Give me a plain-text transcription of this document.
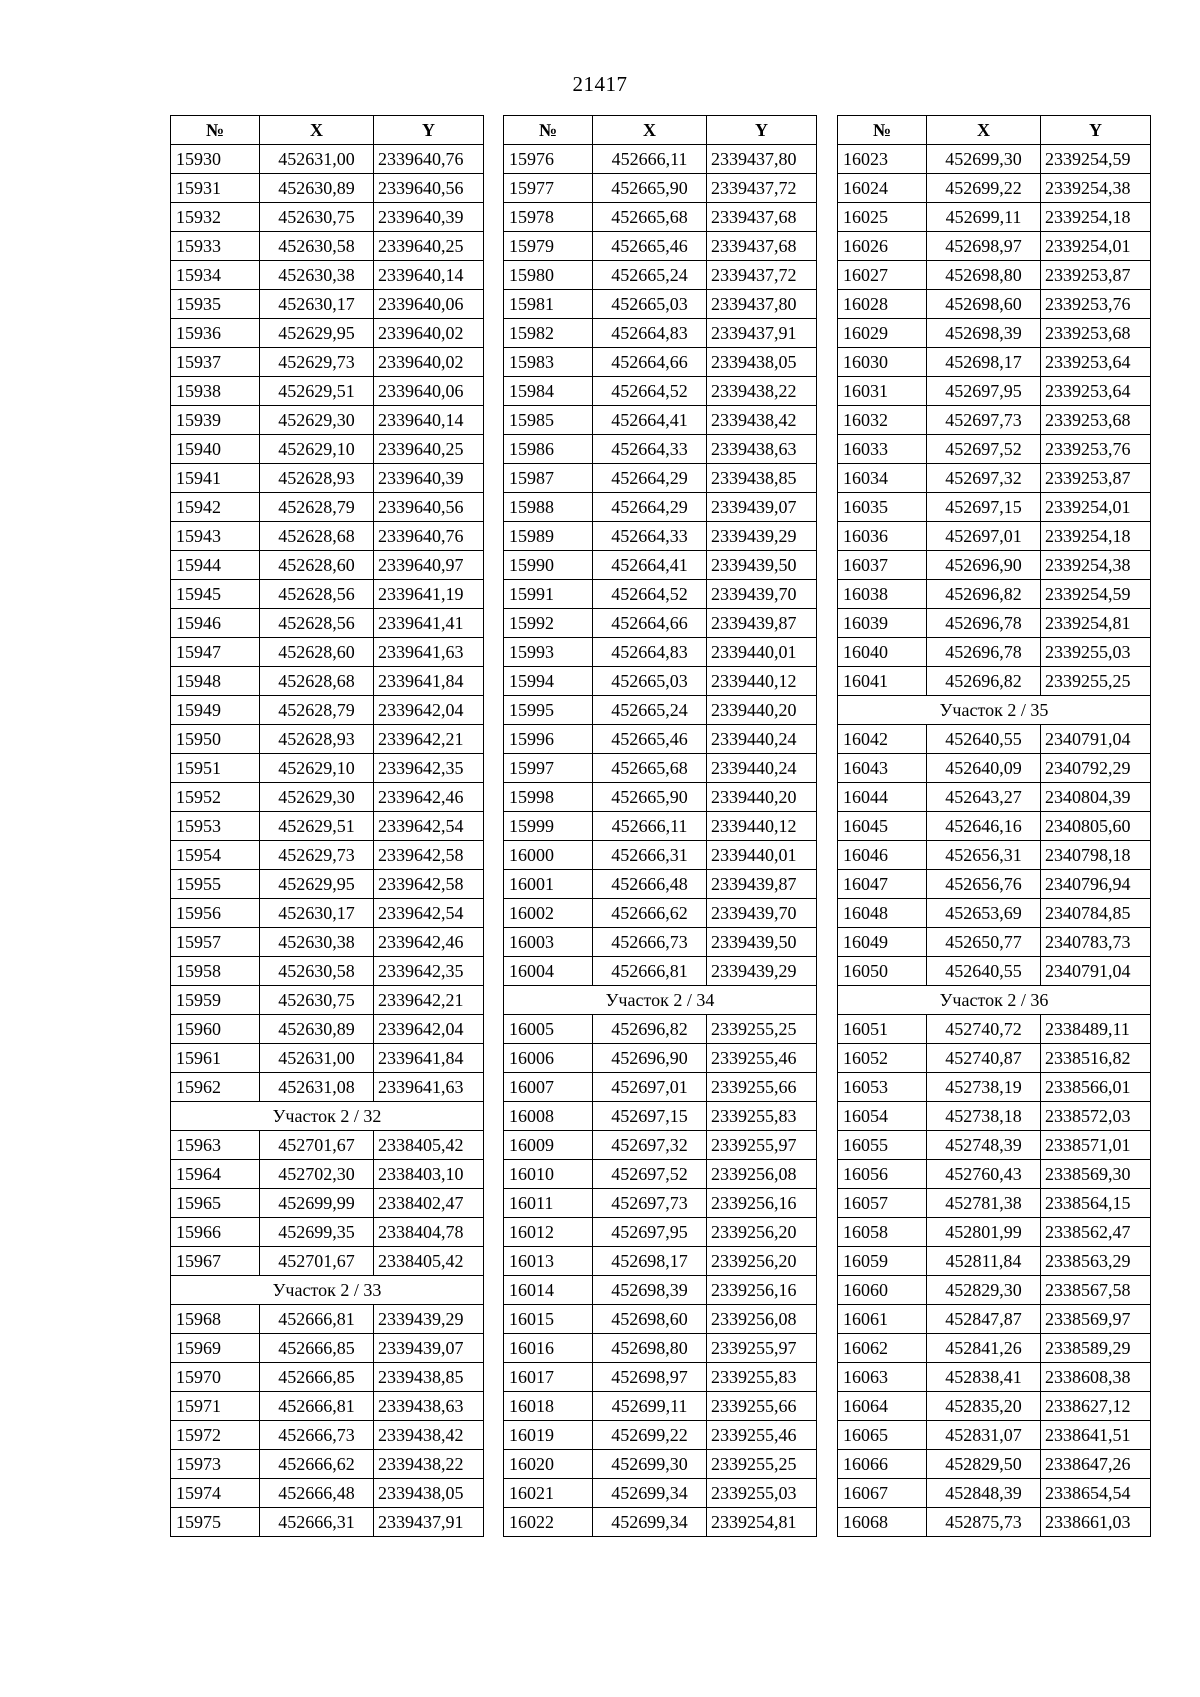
21417
№	X	Y
15930	452631,00	2339640,76
15931	452630,89	2339640,56
15932	452630,75	2339640,39
15933	452630,58	2339640,25
15934	452630,38	2339640,14
15935	452630,17	2339640,06
15936	452629,95	2339640,02
15937	452629,73	2339640,02
15938	452629,51	2339640,06
15939	452629,30	2339640,14
15940	452629,10	2339640,25
15941	452628,93	2339640,39
15942	452628,79	2339640,56
15943	452628,68	2339640,76
15944	452628,60	2339640,97
15945	452628,56	2339641,19
15946	452628,56	2339641,41
15947	452628,60	2339641,63
15948	452628,68	2339641,84
15949	452628,79	2339642,04
15950	452628,93	2339642,21
15951	452629,10	2339642,35
15952	452629,30	2339642,46
15953	452629,51	2339642,54
15954	452629,73	2339642,58
15955	452629,95	2339642,58
15956	452630,17	2339642,54
15957	452630,38	2339642,46
15958	452630,58	2339642,35
15959	452630,75	2339642,21
15960	452630,89	2339642,04
15961	452631,00	2339641,84
15962	452631,08	2339641,63
Участок 2 / 32		
15963	452701,67	2338405,42
15964	452702,30	2338403,10
15965	452699,99	2338402,47
15966	452699,35	2338404,78
15967	452701,67	2338405,42
Участок 2 / 33		
15968	452666,81	2339439,29
15969	452666,85	2339439,07
15970	452666,85	2339438,85
15971	452666,81	2339438,63
15972	452666,73	2339438,42
15973	452666,62	2339438,22
15974	452666,48	2339438,05
15975	452666,31	2339437,91
№	X	Y
15976	452666,11	2339437,80
15977	452665,90	2339437,72
15978	452665,68	2339437,68
15979	452665,46	2339437,68
15980	452665,24	2339437,72
15981	452665,03	2339437,80
15982	452664,83	2339437,91
15983	452664,66	2339438,05
15984	452664,52	2339438,22
15985	452664,41	2339438,42
15986	452664,33	2339438,63
15987	452664,29	2339438,85
15988	452664,29	2339439,07
15989	452664,33	2339439,29
15990	452664,41	2339439,50
15991	452664,52	2339439,70
15992	452664,66	2339439,87
15993	452664,83	2339440,01
15994	452665,03	2339440,12
15995	452665,24	2339440,20
15996	452665,46	2339440,24
15997	452665,68	2339440,24
15998	452665,90	2339440,20
15999	452666,11	2339440,12
16000	452666,31	2339440,01
16001	452666,48	2339439,87
16002	452666,62	2339439,70
16003	452666,73	2339439,50
16004	452666,81	2339439,29
Участок 2 / 34		
16005	452696,82	2339255,25
16006	452696,90	2339255,46
16007	452697,01	2339255,66
16008	452697,15	2339255,83
16009	452697,32	2339255,97
16010	452697,52	2339256,08
16011	452697,73	2339256,16
16012	452697,95	2339256,20
16013	452698,17	2339256,20
16014	452698,39	2339256,16
16015	452698,60	2339256,08
16016	452698,80	2339255,97
16017	452698,97	2339255,83
16018	452699,11	2339255,66
16019	452699,22	2339255,46
16020	452699,30	2339255,25
16021	452699,34	2339255,03
16022	452699,34	2339254,81
№	X	Y
16023	452699,30	2339254,59
16024	452699,22	2339254,38
16025	452699,11	2339254,18
16026	452698,97	2339254,01
16027	452698,80	2339253,87
16028	452698,60	2339253,76
16029	452698,39	2339253,68
16030	452698,17	2339253,64
16031	452697,95	2339253,64
16032	452697,73	2339253,68
16033	452697,52	2339253,76
16034	452697,32	2339253,87
16035	452697,15	2339254,01
16036	452697,01	2339254,18
16037	452696,90	2339254,38
16038	452696,82	2339254,59
16039	452696,78	2339254,81
16040	452696,78	2339255,03
16041	452696,82	2339255,25
Участок 2 / 35		
16042	452640,55	2340791,04
16043	452640,09	2340792,29
16044	452643,27	2340804,39
16045	452646,16	2340805,60
16046	452656,31	2340798,18
16047	452656,76	2340796,94
16048	452653,69	2340784,85
16049	452650,77	2340783,73
16050	452640,55	2340791,04
Участок 2 / 36		
16051	452740,72	2338489,11
16052	452740,87	2338516,82
16053	452738,19	2338566,01
16054	452738,18	2338572,03
16055	452748,39	2338571,01
16056	452760,43	2338569,30
16057	452781,38	2338564,15
16058	452801,99	2338562,47
16059	452811,84	2338563,29
16060	452829,30	2338567,58
16061	452847,87	2338569,97
16062	452841,26	2338589,29
16063	452838,41	2338608,38
16064	452835,20	2338627,12
16065	452831,07	2338641,51
16066	452829,50	2338647,26
16067	452848,39	2338654,54
16068	452875,73	2338661,03
